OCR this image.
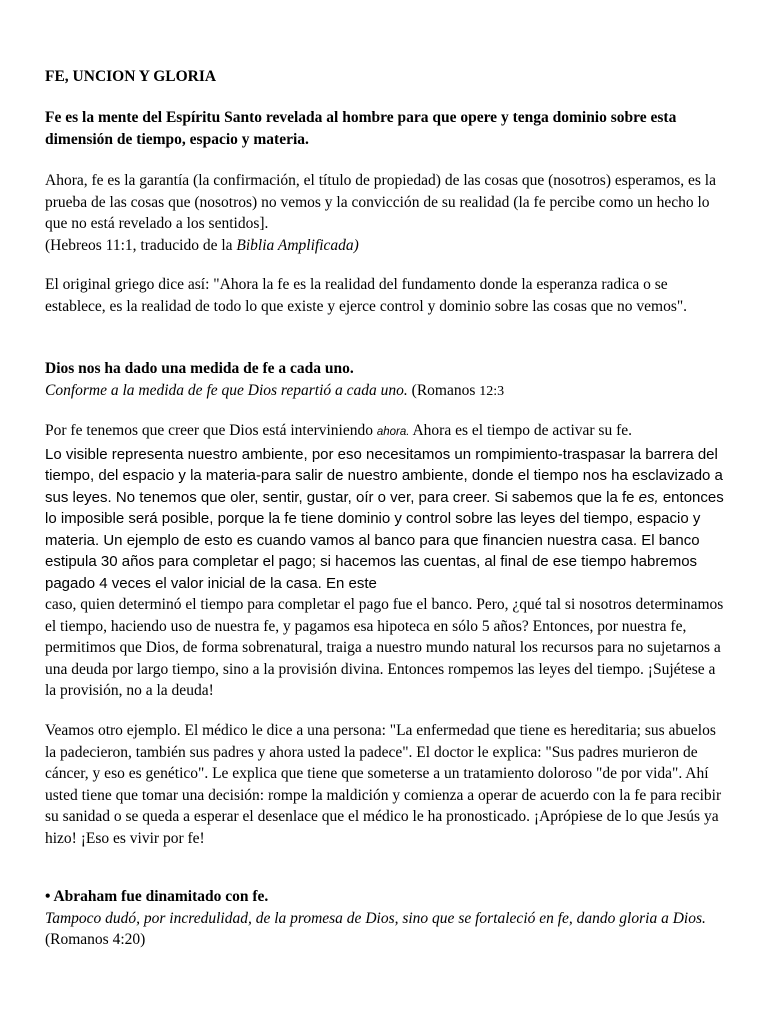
FE, UNCION Y GLORIA

Fe es la mente del Espíritu Santo revelada al hombre para que opere y tenga dominio sobre esta dimensión de tiempo, espacio y materia.

Ahora, fe es la garantía (la confirmación, el título de propiedad) de las cosas que (nosotros) esperamos, es la prueba de las cosas que (nosotros) no vemos y la convicción de su realidad (la fe percibe como un hecho lo que no está revelado a los sentidos].
(Hebreos 11:1, traducido de la Biblia Amplificada)

El original griego dice así: "Ahora la fe es la realidad del fundamento donde la esperanza radica o se establece, es la realidad de todo lo que existe y ejerce control y dominio sobre las cosas que no vemos".

Dios nos ha dado una medida de fe a cada uno.
Conforme a la medida de fe que Dios repartió a cada uno. (Romanos 12:3

Por fe tenemos que creer que Dios está interviniendo ahora. Ahora es el tiempo de activar su fe.
Lo visible representa nuestro ambiente, por eso necesitamos un rompimiento-traspasar la barrera del tiempo, del espacio y la materia-para salir de nuestro ambiente, donde el tiempo nos ha esclavizado a sus leyes. No tenemos que oler, sentir, gustar, oír o ver, para creer. Si sabemos que la fe es, entonces lo imposible será posible, porque la fe tiene dominio y control sobre las leyes del tiempo, espacio y materia. Un ejemplo de esto es cuando vamos al banco para que financien nuestra casa. El banco estipula 30 años para completar el pago; si hacemos las cuentas, al final de ese tiempo habremos pagado 4 veces el valor inicial de la casa. En este
caso, quien determinó el tiempo para completar el pago fue el banco. Pero, ¿qué tal si nosotros determinamos el tiempo, haciendo uso de nuestra fe, y pagamos esa hipoteca en sólo 5 años? Entonces, por nuestra fe, permitimos que Dios, de forma sobrenatural, traiga a nuestro mundo natural los recursos para no sujetarnos a una deuda por largo tiempo, sino a la provisión divina. Entonces rompemos las leyes del tiempo. ¡Sujétese a la provisión, no a la deuda!

Veamos otro ejemplo. El médico le dice a una persona: "La enfermedad que tiene es hereditaria; sus abuelos la padecieron, también sus padres y ahora usted la padece". El doctor le explica: "Sus padres murieron de cáncer, y eso es genético". Le explica que tiene que someterse a un tratamiento doloroso "de por vida". Ahí usted tiene que tomar una decisión: rompe la maldición y comienza a operar de acuerdo con la fe para recibir su sanidad o se queda a esperar el desenlace que el médico le ha pronosticado. ¡Aprópiese de lo que Jesús ya hizo! ¡Eso es vivir por fe!

• Abraham fue dinamitado con fe.
Tampoco dudó, por incredulidad, de la promesa de Dios, sino que se fortaleció en fe, dando gloria a Dios. (Romanos 4:20)
